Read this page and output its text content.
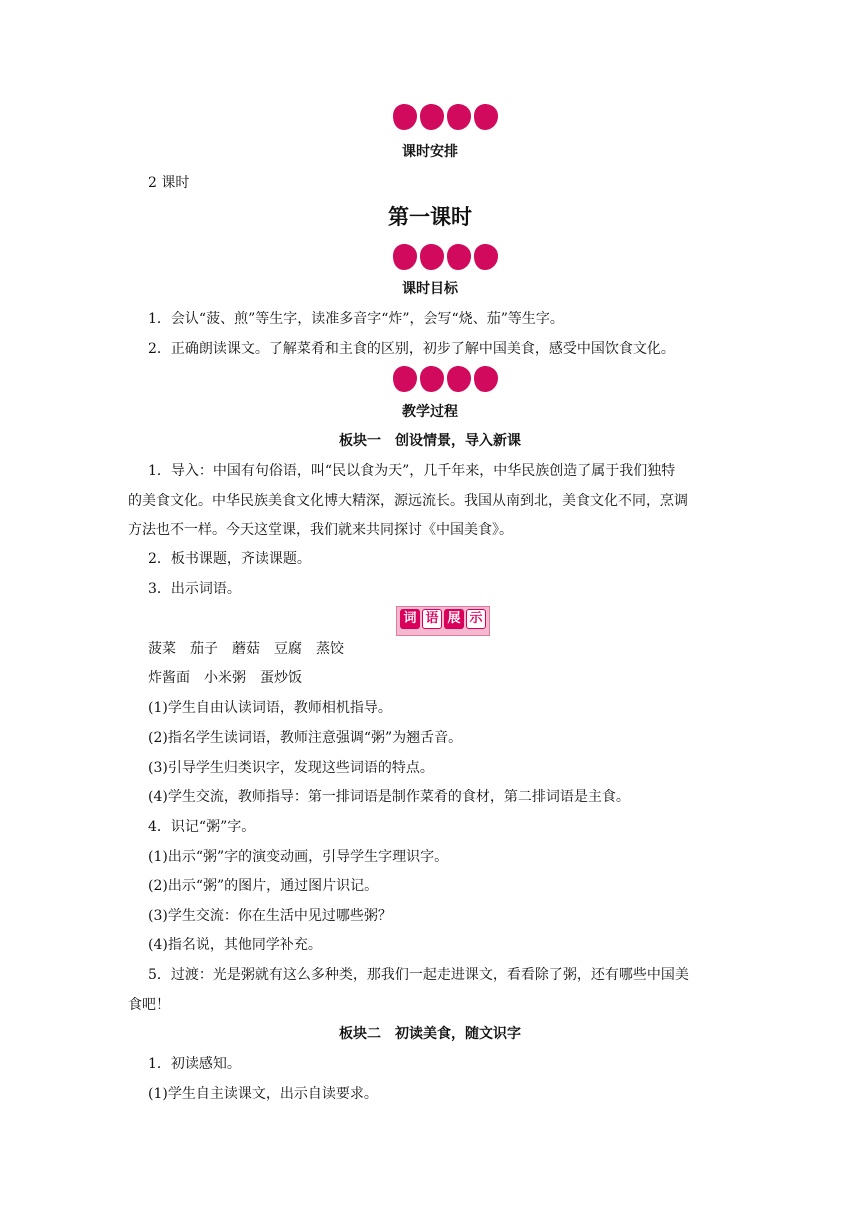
课时安排
2 课时
第一课时
课时目标
1．会认“菠、煎”等生字，读准多音字“炸”，会写“烧、茄”等生字。
2．正确朗读课文。了解菜肴和主食的区别，初步了解中国美食，感受中国饮食文化。
教学过程
板块一　创设情景，导入新课
1．导入：中国有句俗语，叫“民以食为天”，几千年来，中华民族创造了属于我们独特
的美食文化。中华民族美食文化博大精深，源远流长。我国从南到北，美食文化不同，烹调
方法也不一样。今天这堂课，我们就来共同探讨《中国美食》。
2．板书课题，齐读课题。
3．出示词语。
词 语 展 示
菠菜　茄子　蘑菇　豆腐　蒸饺
炸酱面　小米粥　蛋炒饭
(1)学生自由认读词语，教师相机指导。
(2)指名学生读词语，教师注意强调“粥”为翘舌音。
(3)引导学生归类识字，发现这些词语的特点。
(4)学生交流，教师指导：第一排词语是制作菜肴的食材，第二排词语是主食。
4．识记“粥”字。
(1)出示“粥”字的演变动画，引导学生字理识字。
(2)出示“粥”的图片，通过图片识记。
(3)学生交流：你在生活中见过哪些粥？
(4)指名说，其他同学补充。
5．过渡：光是粥就有这么多种类，那我们一起走进课文，看看除了粥，还有哪些中国美
食吧！
板块二　初读美食，随文识字
1．初读感知。
(1)学生自主读课文，出示自读要求。
